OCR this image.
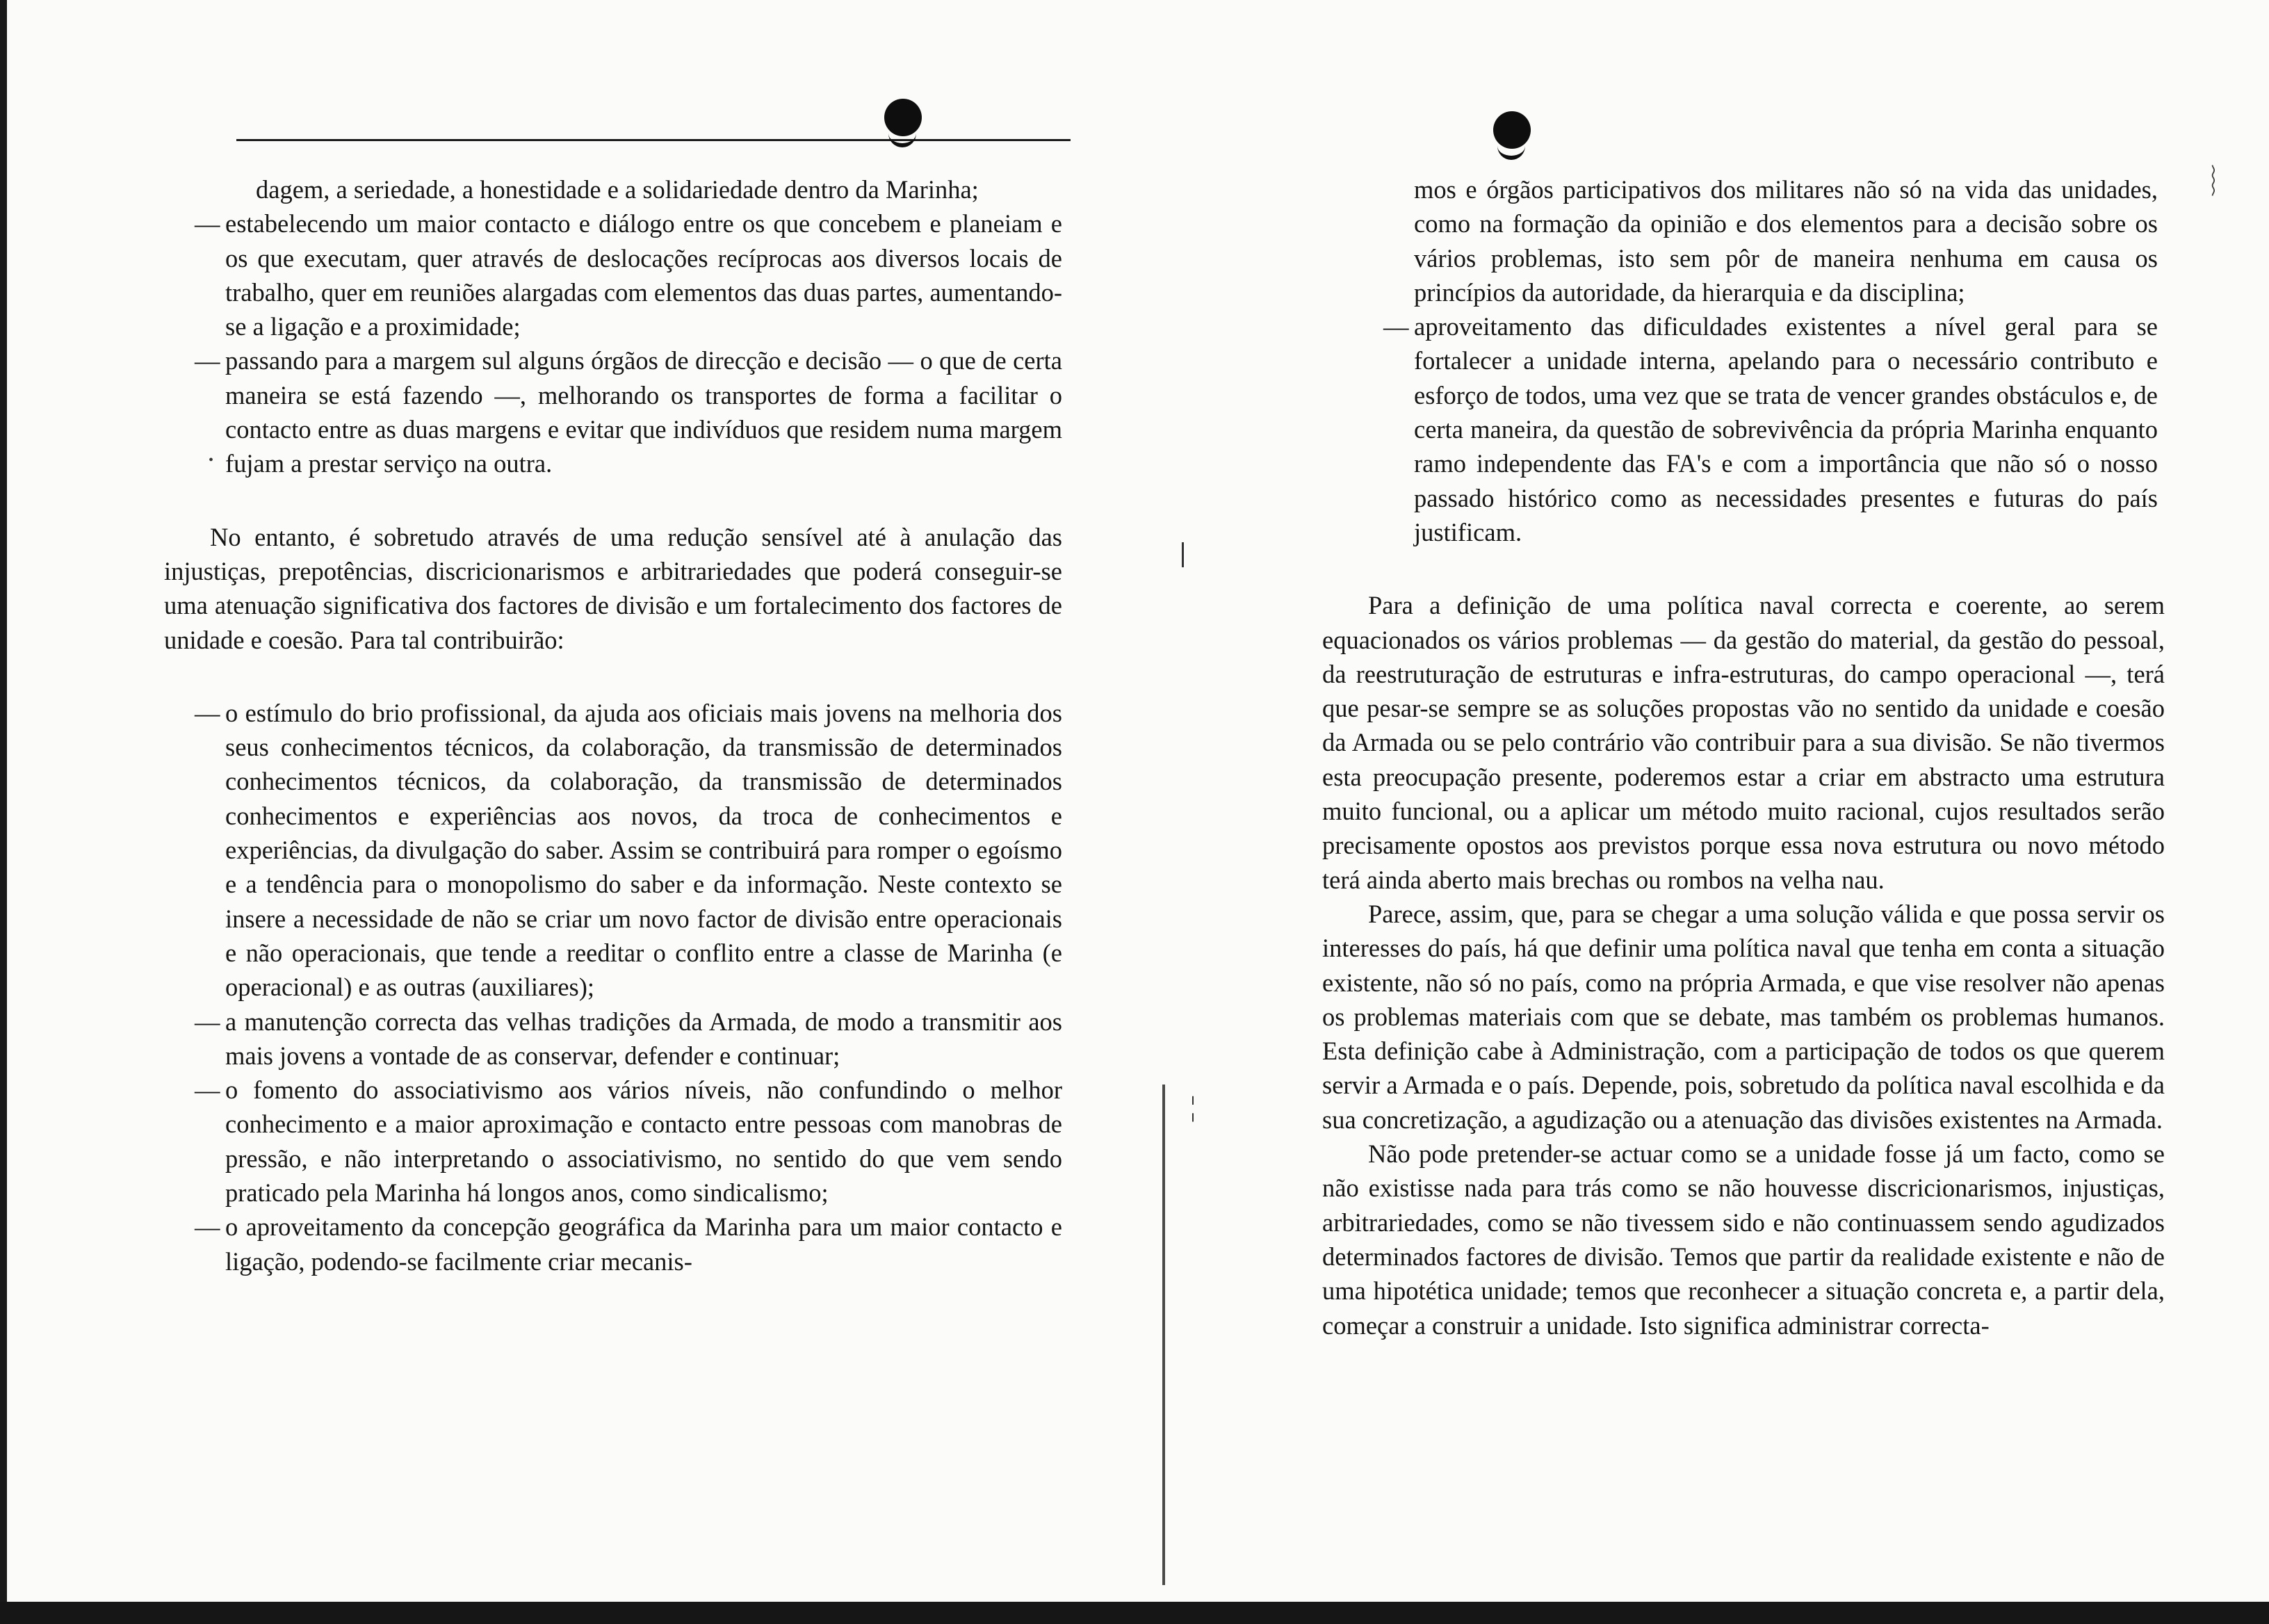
︴
•
¦
dagem, a seriedade, a honestidade e a solidariedade dentro da Marinha;
— estabelecendo um maior contacto e diálogo entre os que concebem e planeiam e os que executam, quer através de deslocações recíprocas aos diversos locais de trabalho, quer em reuniões alargadas com elementos das duas partes, aumentando-se a ligação e a proximidade;
— passando para a margem sul alguns órgãos de direcção e decisão — o que de certa maneira se está fazendo —, melhorando os transportes de forma a facilitar o contacto entre as duas margens e evitar que indivíduos que residem numa margem fujam a prestar serviço na outra.

No entanto, é sobretudo através de uma redução sensível até à anulação das injustiças, prepotências, discricionarismos e arbitrariedades que poderá conseguir-se uma atenuação significativa dos factores de divisão e um fortalecimento dos factores de unidade e coesão. Para tal contribuirão:

— o estímulo do brio profissional, da ajuda aos oficiais mais jovens na melhoria dos seus conhecimentos técnicos, da colaboração, da transmissão de determinados conhecimentos técnicos, da colaboração, da transmissão de determinados conhecimentos e experiências aos novos, da troca de conhecimentos e experiências, da divulgação do saber. Assim se contribuirá para romper o egoísmo e a tendência para o monopolismo do saber e da informação. Neste contexto se insere a necessidade de não se criar um novo factor de divisão entre operacionais e não operacionais, que tende a reeditar o conflito entre a classe de Marinha (e operacional) e as outras (auxiliares);
— a manutenção correcta das velhas tradições da Armada, de modo a transmitir aos mais jovens a vontade de as conservar, defender e continuar;
— o fomento do associativismo aos vários níveis, não confundindo o melhor conhecimento e a maior aproximação e contacto entre pessoas com manobras de pressão, e não interpretando o associativismo, no sentido do que vem sendo praticado pela Marinha há longos anos, como sindicalismo;
— o aproveitamento da concepção geográfica da Marinha para um maior contacto e ligação, podendo-se facilmente criar mecanis-
mos e órgãos participativos dos militares não só na vida das unidades, como na formação da opinião e dos elementos para a decisão sobre os vários problemas, isto sem pôr de maneira nenhuma em causa os princípios da autoridade, da hierarquia e da disciplina;
— aproveitamento das dificuldades existentes a nível geral para se fortalecer a unidade interna, apelando para o necessário contributo e esforço de todos, uma vez que se trata de vencer grandes obstáculos e, de certa maneira, da questão de sobrevivência da própria Marinha enquanto ramo independente das FA's e com a importância que não só o nosso passado histórico como as necessidades presentes e futuras do país justificam.

Para a definição de uma política naval correcta e coerente, ao serem equacionados os vários problemas — da gestão do material, da gestão do pessoal, da reestruturação de estruturas e infra-estruturas, do campo operacional —, terá que pesar-se sempre se as soluções propostas vão no sentido da unidade e coesão da Armada ou se pelo contrário vão contribuir para a sua divisão. Se não tivermos esta preocupação presente, poderemos estar a criar em abstracto uma estrutura muito funcional, ou a aplicar um método muito racional, cujos resultados serão precisamente opostos aos previstos porque essa nova estrutura ou novo método terá ainda aberto mais brechas ou rombos na velha nau.

Parece, assim, que, para se chegar a uma solução válida e que possa servir os interesses do país, há que definir uma política naval que tenha em conta a situação existente, não só no país, como na própria Armada, e que vise resolver não apenas os problemas materiais com que se debate, mas também os problemas humanos. Esta definição cabe à Administração, com a participação de todos os que querem servir a Armada e o país. Depende, pois, sobretudo da política naval escolhida e da sua concretização, a agudização ou a atenuação das divisões existentes na Armada.

Não pode pretender-se actuar como se a unidade fosse já um facto, como se não existisse nada para trás como se não houvesse discricionarismos, injustiças, arbitrariedades, como se não tivessem sido e não continuassem sendo agudizados determinados factores de divisão. Temos que partir da realidade existente e não de uma hipotética unidade; temos que reconhecer a situação concreta e, a partir dela, começar a construir a unidade. Isto significa administrar correcta-
